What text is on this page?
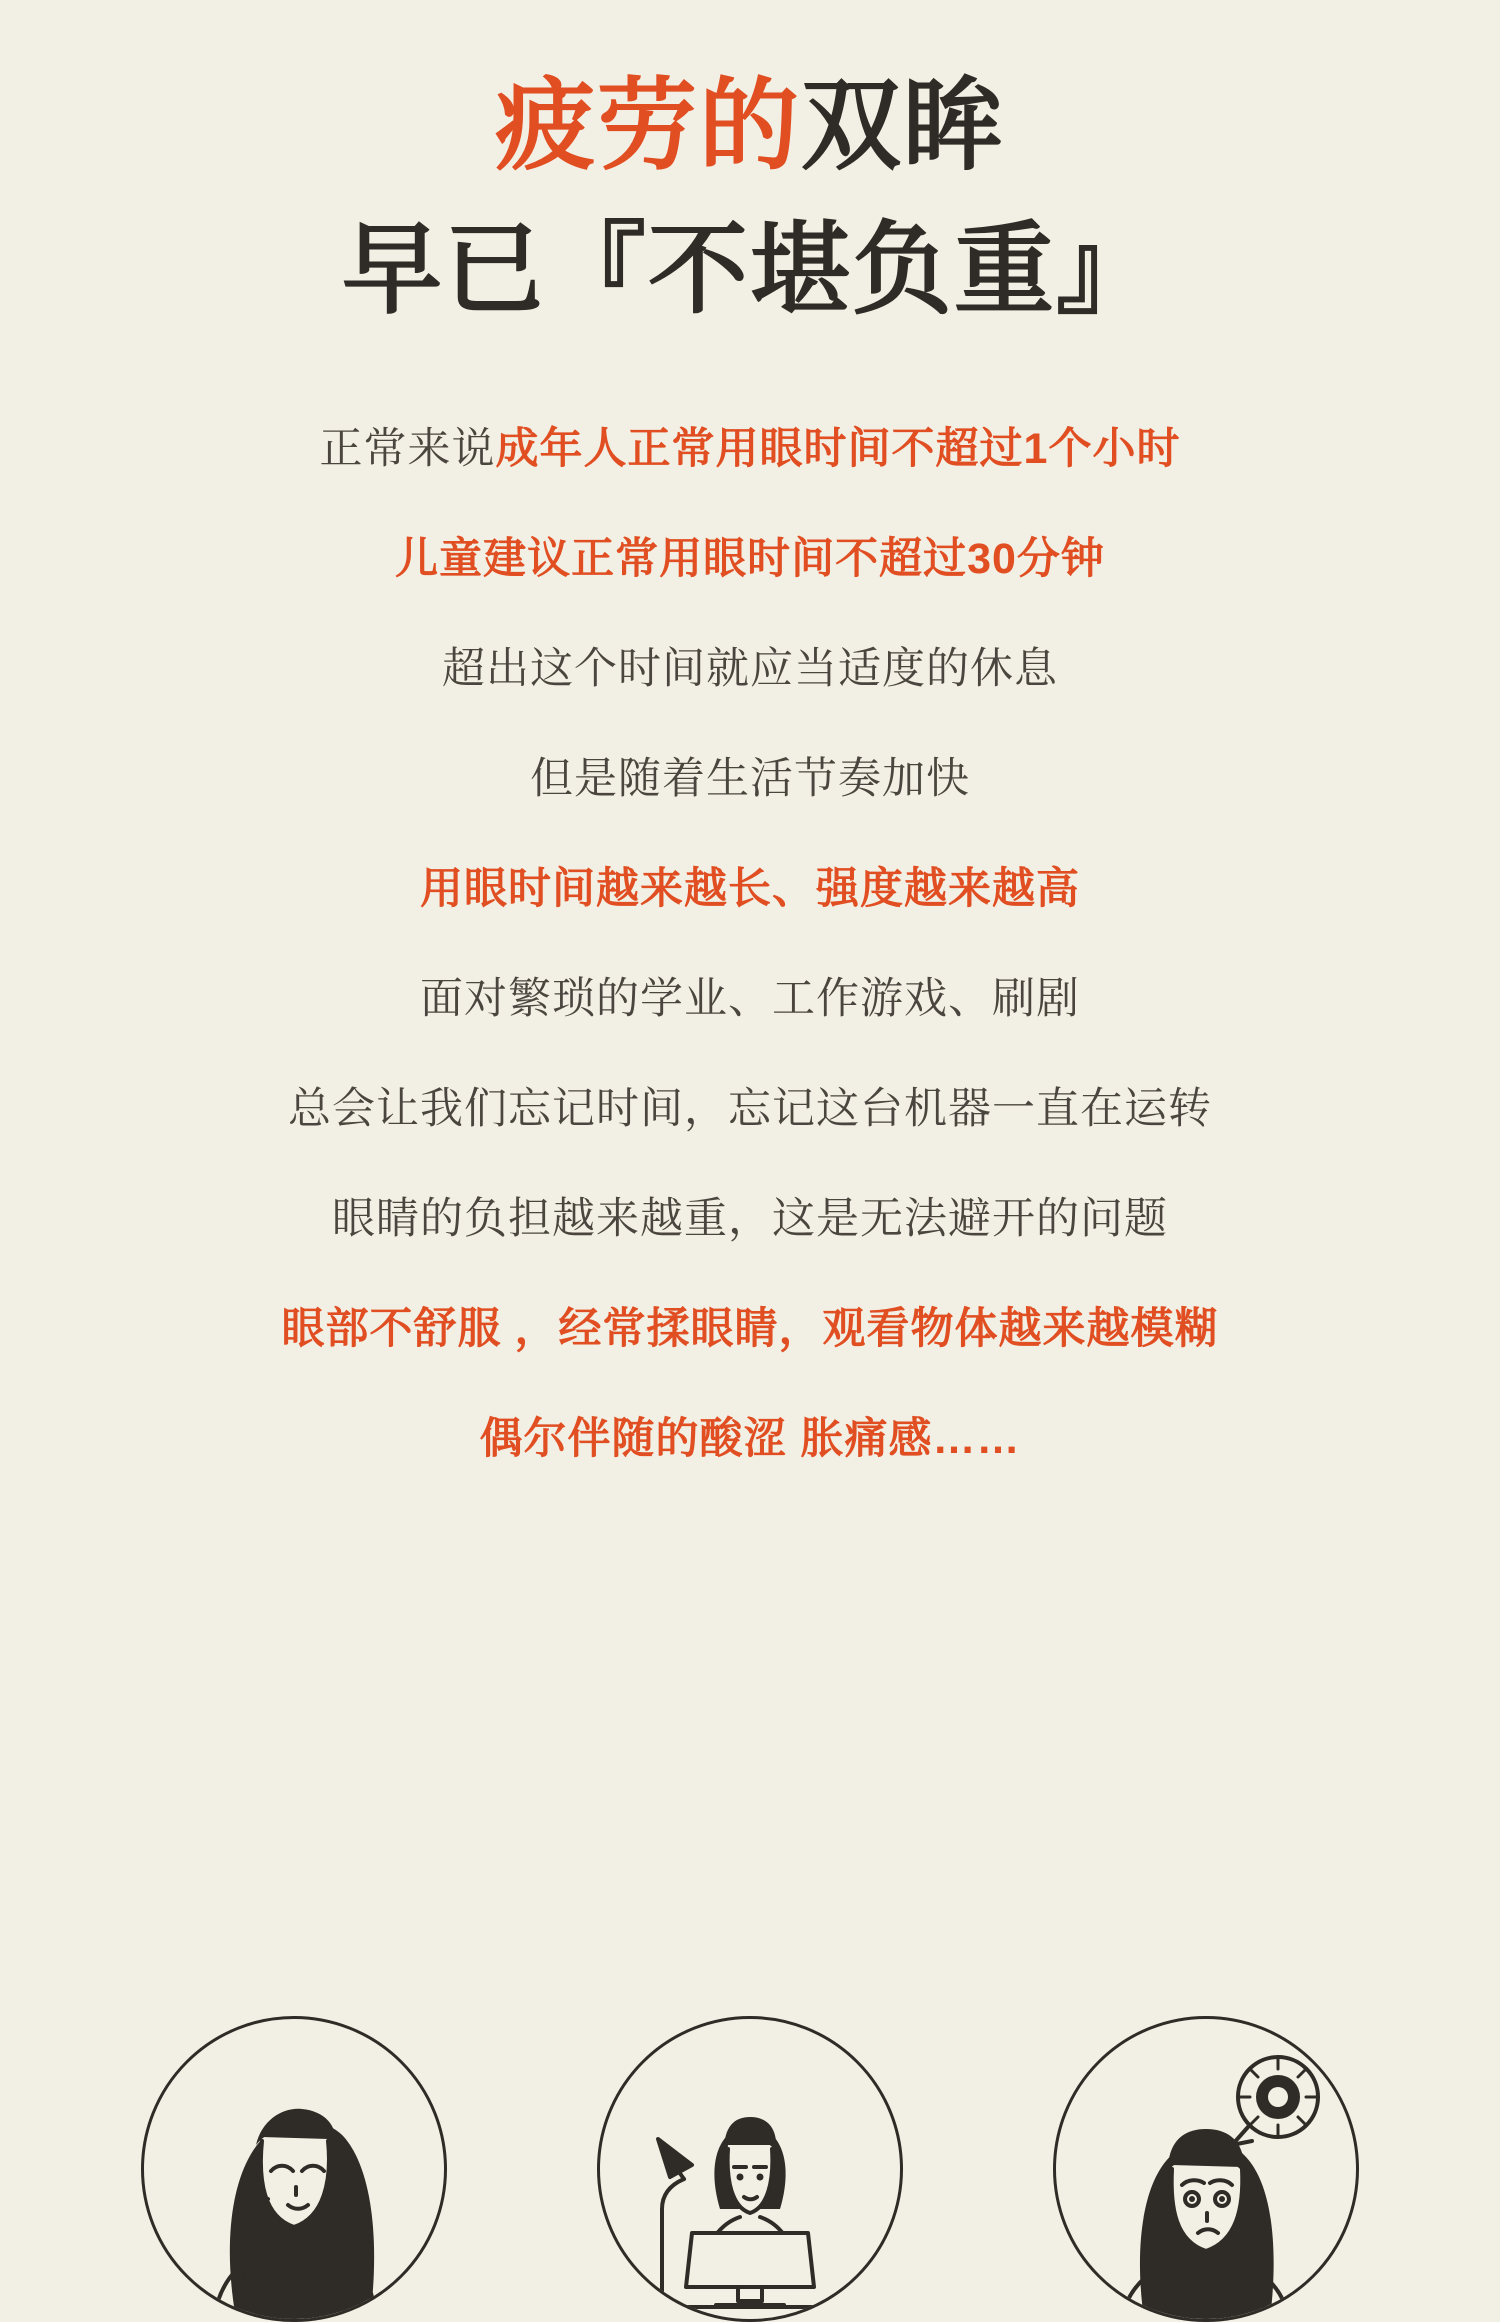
疲劳的双眸
早已『不堪负重』

正常来说成年人正常用眼时间不超过1个小时

儿童建议正常用眼时间不超过30分钟

超出这个时间就应当适度的休息

但是随着生活节奏加快

用眼时间越来越长、强度越来越高

面对繁琐的学业、工作游戏、刷剧

总会让我们忘记时间，忘记这台机器一直在运转

眼睛的负担越来越重，这是无法避开的问题

眼部不舒服 ，经常揉眼睛，观看物体越来越模糊

偶尔伴随的酸涩 胀痛感……
